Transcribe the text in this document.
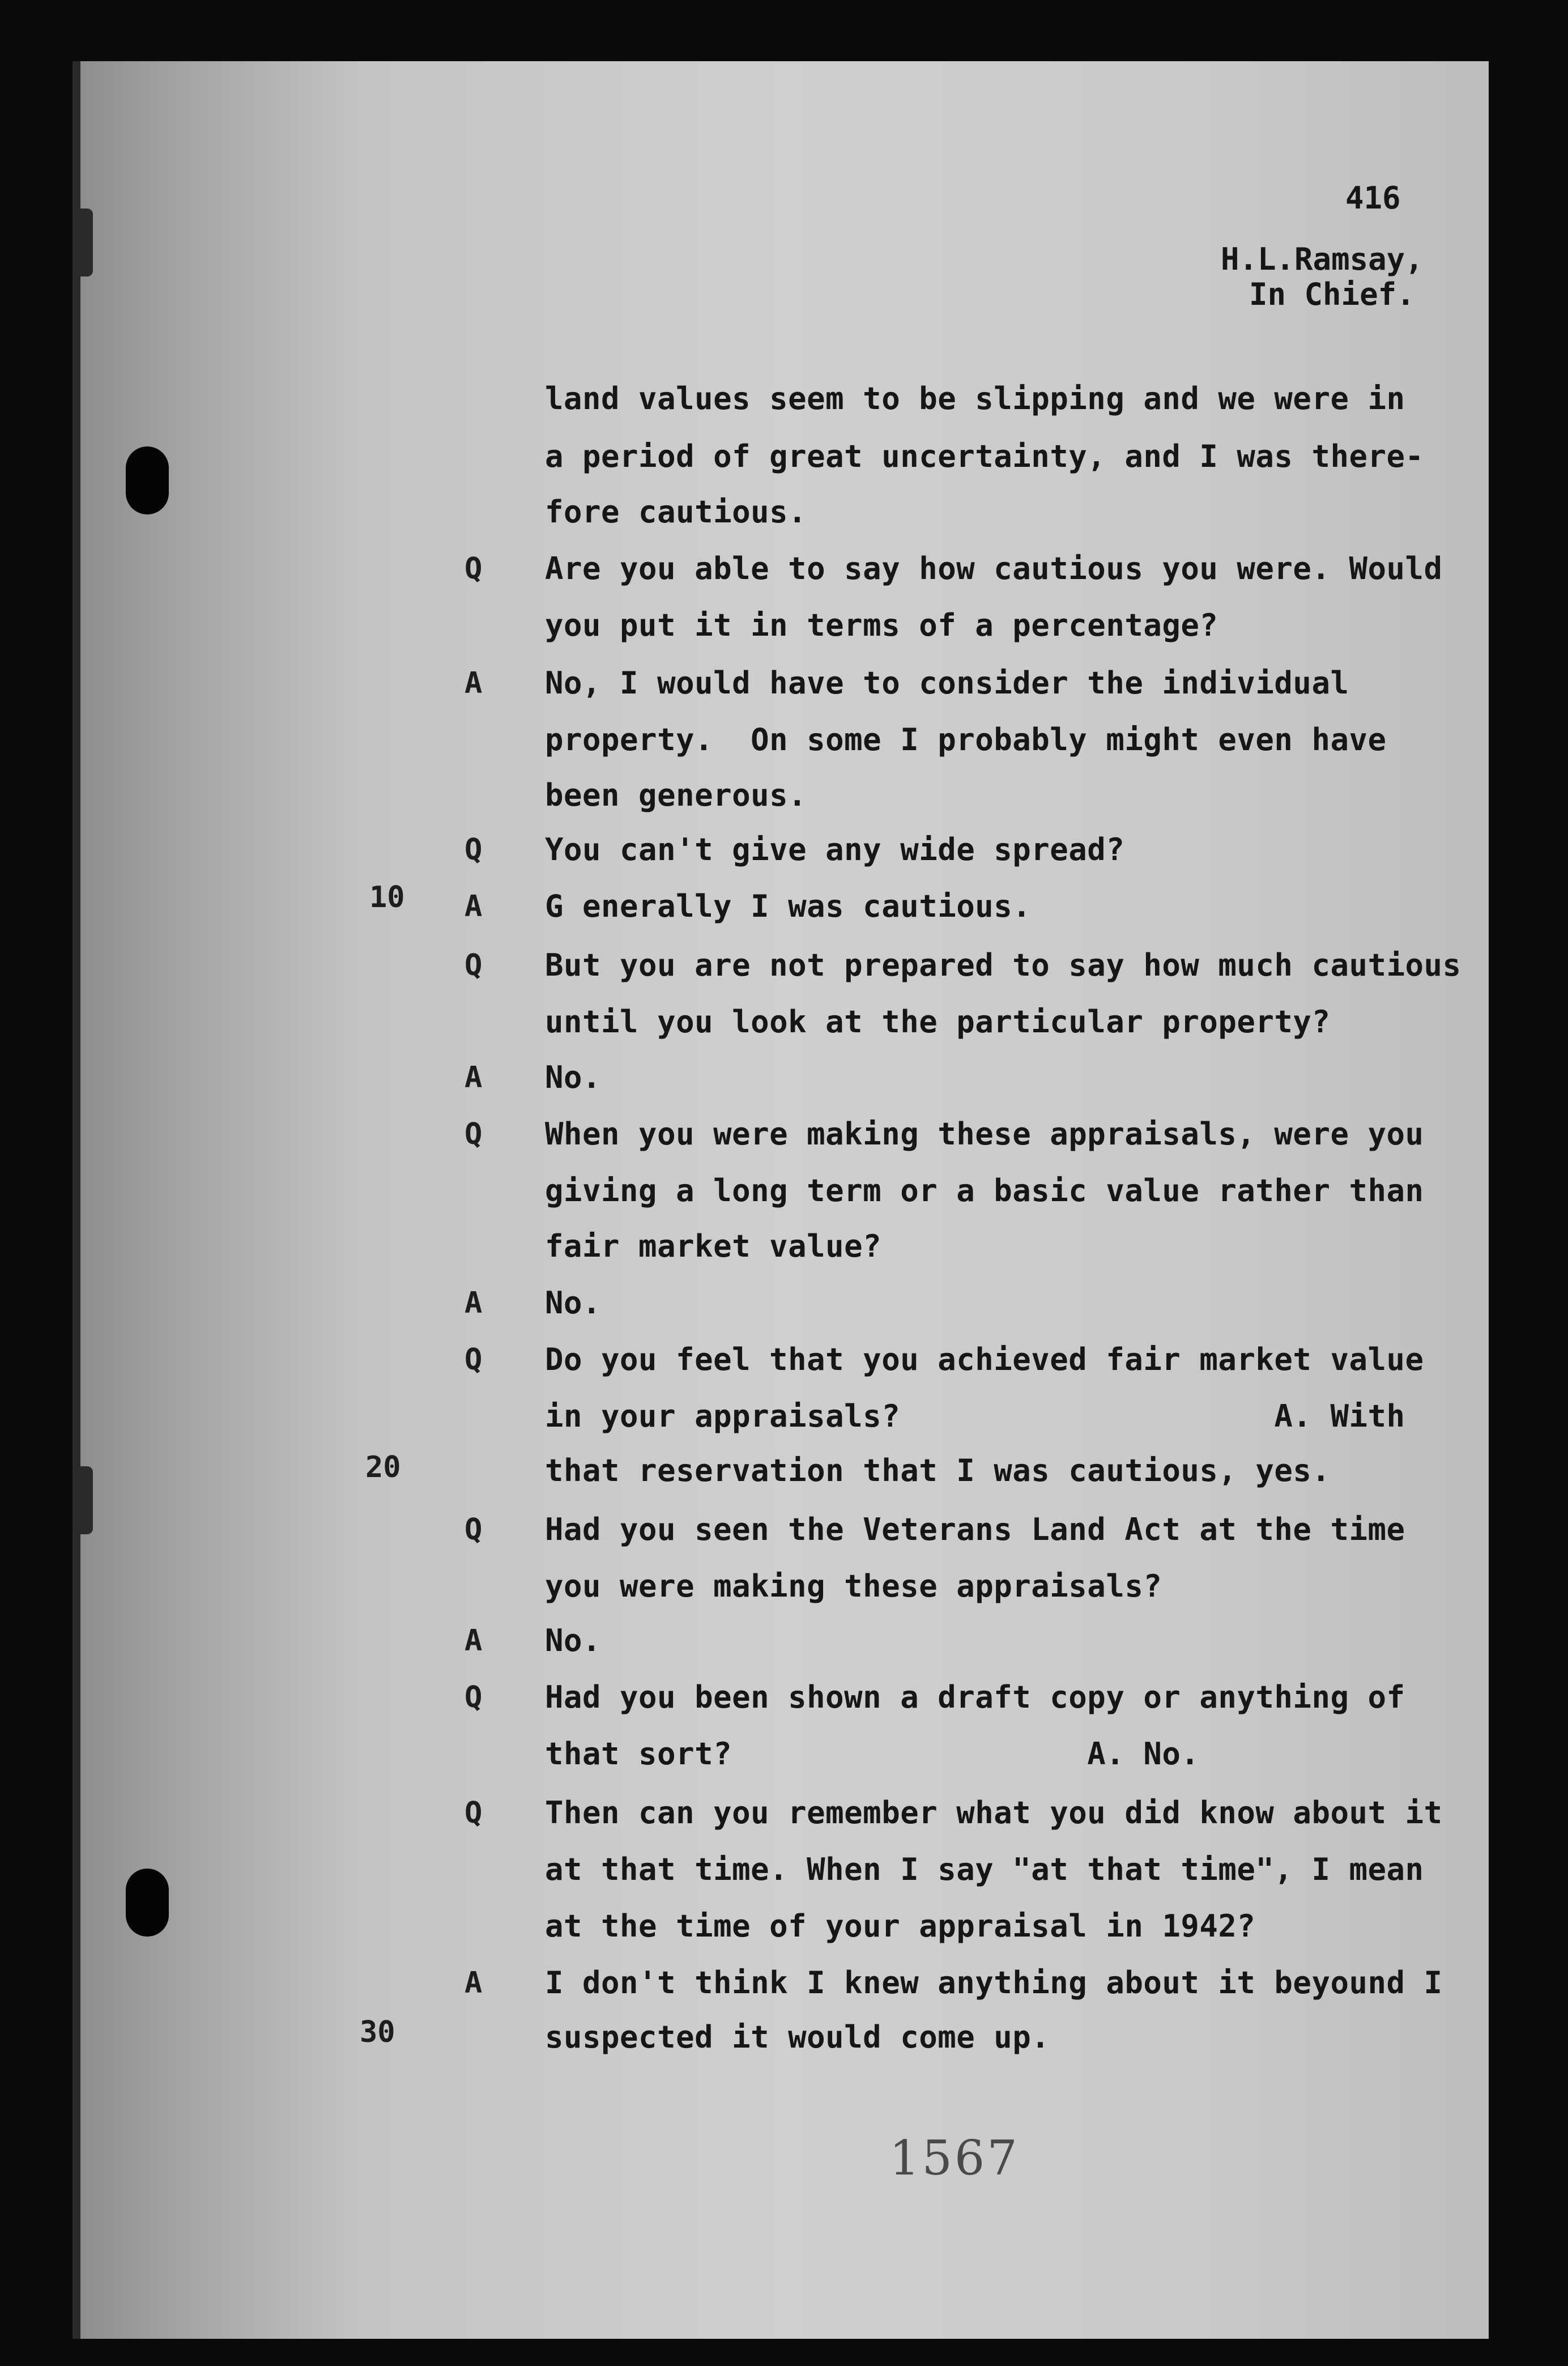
416
H.L.Ramsay,
In Chief.
land values seem to be slipping and we were in
a period of great uncertainty, and I was there-
fore cautious.
Q Are you able to say how cautious you were. Would
you put it in terms of a percentage?
A No, I would have to consider the individual
property.  On some I probably might even have
been generous.
Q You can't give any wide spread?
A G enerally I was cautious.
Q But you are not prepared to say how much cautious
until you look at the particular property?
A No.
Q When you were making these appraisals, were you
giving a long term or a basic value rather than
fair market value?
A No.
Q Do you feel that you achieved fair market value
in your appraisals?                    A. With
that reservation that I was cautious, yes.
Q Had you seen the Veterans Land Act at the time
you were making these appraisals?
A No.
Q Had you been shown a draft copy or anything of
that sort?                   A. No.
Q Then can you remember what you did know about it
at that time. When I say "at that time", I mean
at the time of your appraisal in 1942?
A I don't think I knew anything about it beyound I
suspected it would come up.
10
20
30
1567
